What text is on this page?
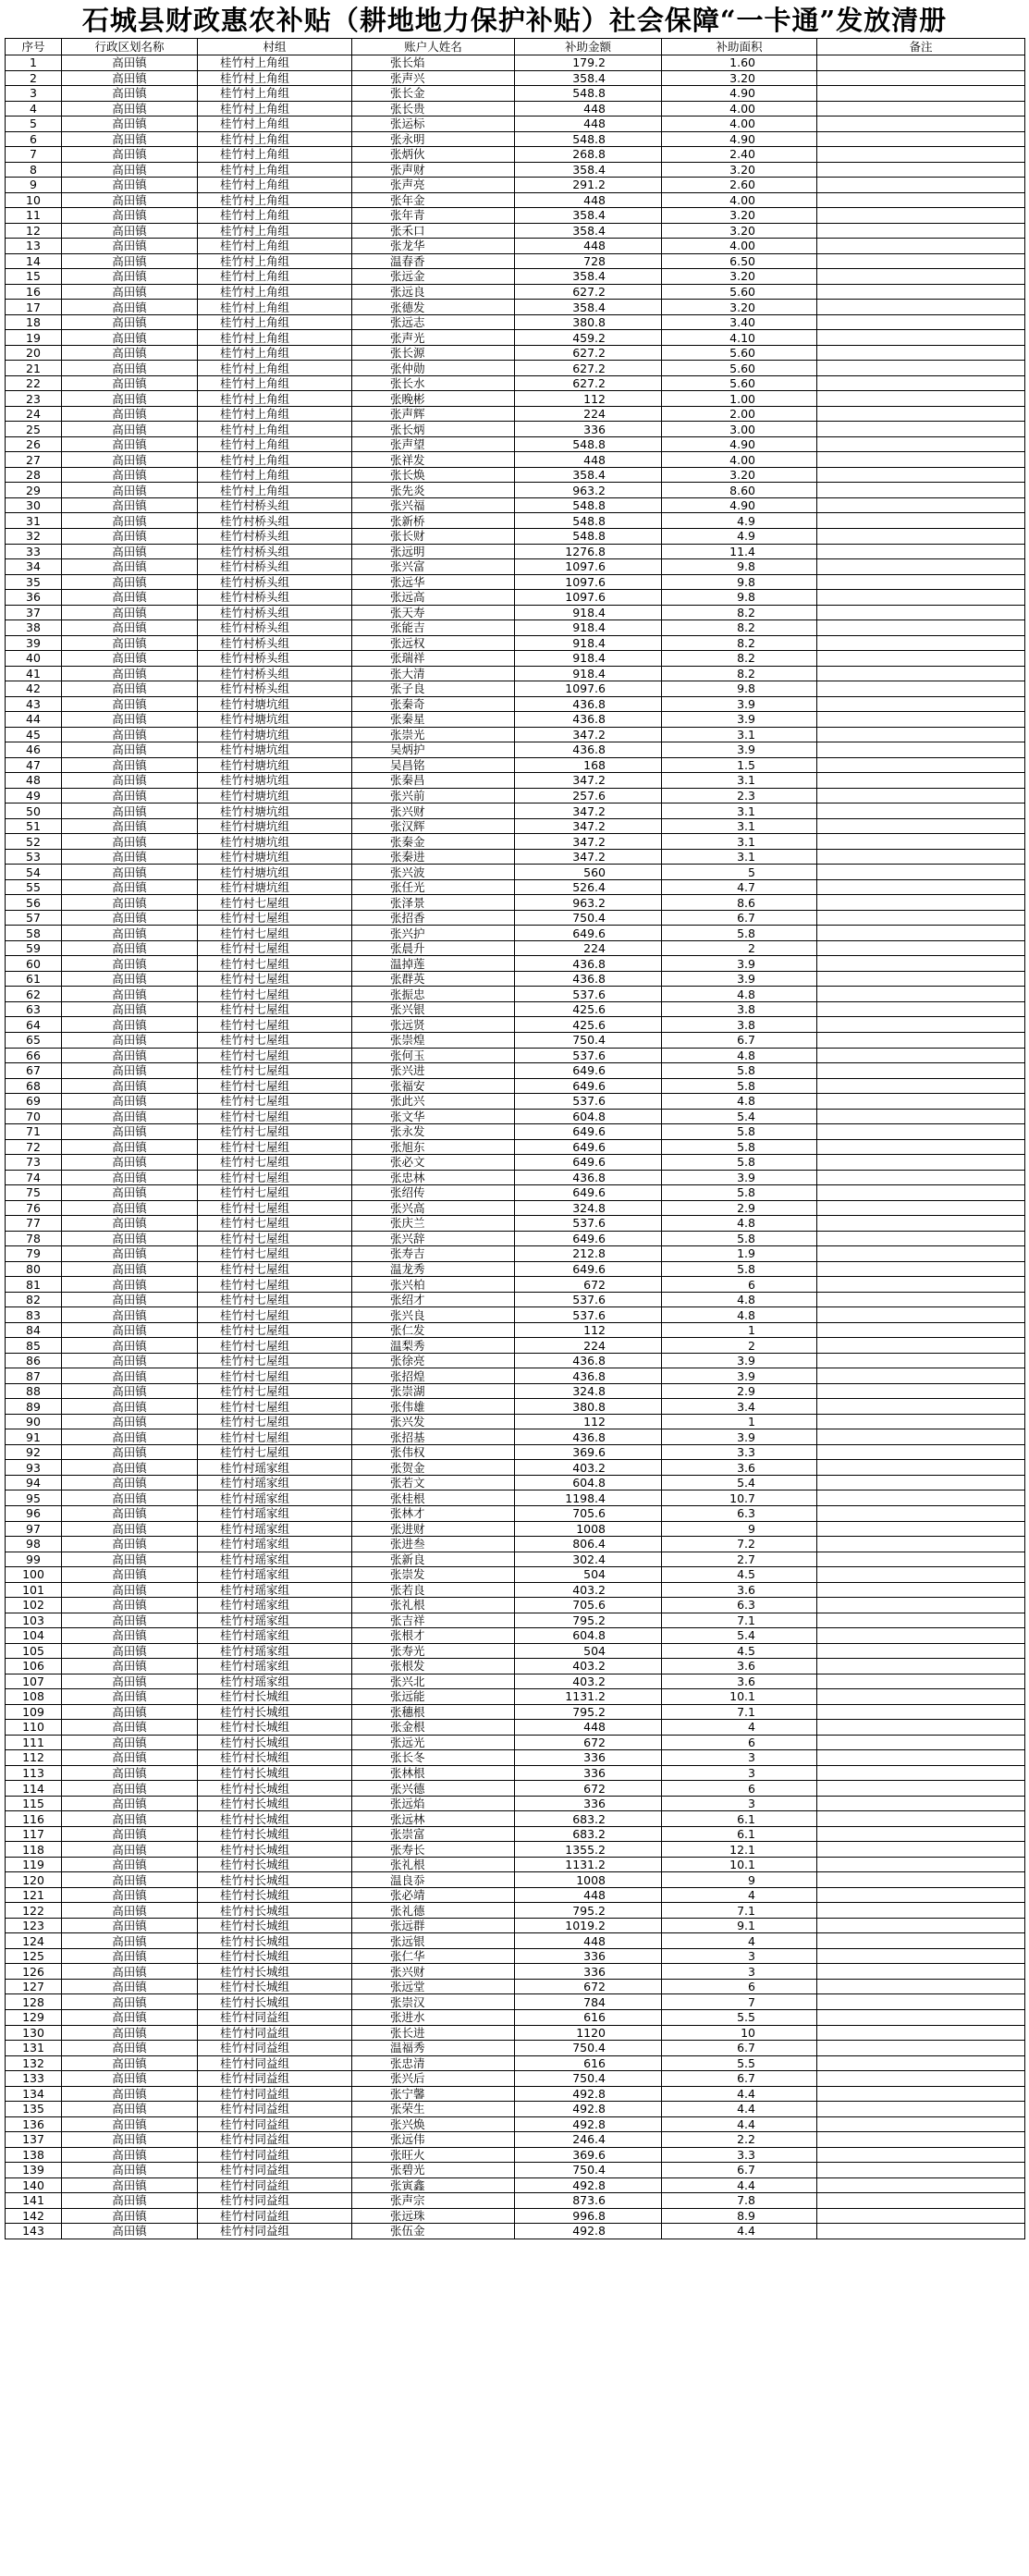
石城县财政惠农补贴（耕地地力保护补贴）社会保障“一卡通”发放清册
序号	行政区划名称	村组	账户人姓名	补助金额	补助面积	备注
1	高田镇	桂竹村上角组	张长焰	179.2	1.60	
2	高田镇	桂竹村上角组	张声兴	358.4	3.20	
3	高田镇	桂竹村上角组	张长金	548.8	4.90	
4	高田镇	桂竹村上角组	张长贵	448	4.00	
5	高田镇	桂竹村上角组	张运标	448	4.00	
6	高田镇	桂竹村上角组	张永明	548.8	4.90	
7	高田镇	桂竹村上角组	张炳伙	268.8	2.40	
8	高田镇	桂竹村上角组	张声财	358.4	3.20	
9	高田镇	桂竹村上角组	张声亮	291.2	2.60	
10	高田镇	桂竹村上角组	张年金	448	4.00	
11	高田镇	桂竹村上角组	张年青	358.4	3.20	
12	高田镇	桂竹村上角组	张禾口	358.4	3.20	
13	高田镇	桂竹村上角组	张龙华	448	4.00	
14	高田镇	桂竹村上角组	温春香	728	6.50	
15	高田镇	桂竹村上角组	张远金	358.4	3.20	
16	高田镇	桂竹村上角组	张远良	627.2	5.60	
17	高田镇	桂竹村上角组	张德发	358.4	3.20	
18	高田镇	桂竹村上角组	张远志	380.8	3.40	
19	高田镇	桂竹村上角组	张声光	459.2	4.10	
20	高田镇	桂竹村上角组	张长源	627.2	5.60	
21	高田镇	桂竹村上角组	张仲勋	627.2	5.60	
22	高田镇	桂竹村上角组	张长水	627.2	5.60	
23	高田镇	桂竹村上角组	张晚彬	112	1.00	
24	高田镇	桂竹村上角组	张声辉	224	2.00	
25	高田镇	桂竹村上角组	张长炳	336	3.00	
26	高田镇	桂竹村上角组	张声望	548.8	4.90	
27	高田镇	桂竹村上角组	张祥发	448	4.00	
28	高田镇	桂竹村上角组	张长焕	358.4	3.20	
29	高田镇	桂竹村上角组	张先炎	963.2	8.60	
30	高田镇	桂竹村桥头组	张兴福	548.8	4.90	
31	高田镇	桂竹村桥头组	张新桥	548.8	4.9	
32	高田镇	桂竹村桥头组	张长财	548.8	4.9	
33	高田镇	桂竹村桥头组	张远明	1276.8	11.4	
34	高田镇	桂竹村桥头组	张兴富	1097.6	9.8	
35	高田镇	桂竹村桥头组	张远华	1097.6	9.8	
36	高田镇	桂竹村桥头组	张远高	1097.6	9.8	
37	高田镇	桂竹村桥头组	张天寿	918.4	8.2	
38	高田镇	桂竹村桥头组	张能吉	918.4	8.2	
39	高田镇	桂竹村桥头组	张远权	918.4	8.2	
40	高田镇	桂竹村桥头组	张瑞祥	918.4	8.2	
41	高田镇	桂竹村桥头组	张大清	918.4	8.2	
42	高田镇	桂竹村桥头组	张子良	1097.6	9.8	
43	高田镇	桂竹村塘坑组	张秦奇	436.8	3.9	
44	高田镇	桂竹村塘坑组	张秦星	436.8	3.9	
45	高田镇	桂竹村塘坑组	张崇光	347.2	3.1	
46	高田镇	桂竹村塘坑组	吴炳护	436.8	3.9	
47	高田镇	桂竹村塘坑组	吴昌铭	168	1.5	
48	高田镇	桂竹村塘坑组	张秦昌	347.2	3.1	
49	高田镇	桂竹村塘坑组	张兴前	257.6	2.3	
50	高田镇	桂竹村塘坑组	张兴财	347.2	3.1	
51	高田镇	桂竹村塘坑组	张汉辉	347.2	3.1	
52	高田镇	桂竹村塘坑组	张秦金	347.2	3.1	
53	高田镇	桂竹村塘坑组	张秦进	347.2	3.1	
54	高田镇	桂竹村塘坑组	张兴波	560	5	
55	高田镇	桂竹村塘坑组	张任光	526.4	4.7	
56	高田镇	桂竹村七屋组	张泽景	963.2	8.6	
57	高田镇	桂竹村七屋组	张招香	750.4	6.7	
58	高田镇	桂竹村七屋组	张兴护	649.6	5.8	
59	高田镇	桂竹村七屋组	张晨升	224	2	
60	高田镇	桂竹村七屋组	温掉莲	436.8	3.9	
61	高田镇	桂竹村七屋组	张群英	436.8	3.9	
62	高田镇	桂竹村七屋组	张振忠	537.6	4.8	
63	高田镇	桂竹村七屋组	张兴银	425.6	3.8	
64	高田镇	桂竹村七屋组	张远贤	425.6	3.8	
65	高田镇	桂竹村七屋组	张崇煌	750.4	6.7	
66	高田镇	桂竹村七屋组	张何玉	537.6	4.8	
67	高田镇	桂竹村七屋组	张兴进	649.6	5.8	
68	高田镇	桂竹村七屋组	张福安	649.6	5.8	
69	高田镇	桂竹村七屋组	张此兴	537.6	4.8	
70	高田镇	桂竹村七屋组	张文华	604.8	5.4	
71	高田镇	桂竹村七屋组	张永发	649.6	5.8	
72	高田镇	桂竹村七屋组	张旭东	649.6	5.8	
73	高田镇	桂竹村七屋组	张必文	649.6	5.8	
74	高田镇	桂竹村七屋组	张忠林	436.8	3.9	
75	高田镇	桂竹村七屋组	张绍传	649.6	5.8	
76	高田镇	桂竹村七屋组	张兴高	324.8	2.9	
77	高田镇	桂竹村七屋组	张庆兰	537.6	4.8	
78	高田镇	桂竹村七屋组	张兴辞	649.6	5.8	
79	高田镇	桂竹村七屋组	张寿吉	212.8	1.9	
80	高田镇	桂竹村七屋组	温龙秀	649.6	5.8	
81	高田镇	桂竹村七屋组	张兴柏	672	6	
82	高田镇	桂竹村七屋组	张绍才	537.6	4.8	
83	高田镇	桂竹村七屋组	张兴良	537.6	4.8	
84	高田镇	桂竹村七屋组	张仁发	112	1	
85	高田镇	桂竹村七屋组	温梨秀	224	2	
86	高田镇	桂竹村七屋组	张徐亮	436.8	3.9	
87	高田镇	桂竹村七屋组	张招煌	436.8	3.9	
88	高田镇	桂竹村七屋组	张崇湖	324.8	2.9	
89	高田镇	桂竹村七屋组	张伟雄	380.8	3.4	
90	高田镇	桂竹村七屋组	张兴发	112	1	
91	高田镇	桂竹村七屋组	张招基	436.8	3.9	
92	高田镇	桂竹村七屋组	张伟权	369.6	3.3	
93	高田镇	桂竹村瑶家组	张贺金	403.2	3.6	
94	高田镇	桂竹村瑶家组	张若文	604.8	5.4	
95	高田镇	桂竹村瑶家组	张桂根	1198.4	10.7	
96	高田镇	桂竹村瑶家组	张林才	705.6	6.3	
97	高田镇	桂竹村瑶家组	张进财	1008	9	
98	高田镇	桂竹村瑶家组	张进叁	806.4	7.2	
99	高田镇	桂竹村瑶家组	张新良	302.4	2.7	
100	高田镇	桂竹村瑶家组	张崇发	504	4.5	
101	高田镇	桂竹村瑶家组	张若良	403.2	3.6	
102	高田镇	桂竹村瑶家组	张礼根	705.6	6.3	
103	高田镇	桂竹村瑶家组	张吉祥	795.2	7.1	
104	高田镇	桂竹村瑶家组	张根才	604.8	5.4	
105	高田镇	桂竹村瑶家组	张寿光	504	4.5	
106	高田镇	桂竹村瑶家组	张根发	403.2	3.6	
107	高田镇	桂竹村瑶家组	张兴北	403.2	3.6	
108	高田镇	桂竹村长城组	张远能	1131.2	10.1	
109	高田镇	桂竹村长城组	张穗根	795.2	7.1	
110	高田镇	桂竹村长城组	张金根	448	4	
111	高田镇	桂竹村长城组	张远光	672	6	
112	高田镇	桂竹村长城组	张长冬	336	3	
113	高田镇	桂竹村长城组	张林根	336	3	
114	高田镇	桂竹村长城组	张兴德	672	6	
115	高田镇	桂竹村长城组	张远焰	336	3	
116	高田镇	桂竹村长城组	张远林	683.2	6.1	
117	高田镇	桂竹村长城组	张崇富	683.2	6.1	
118	高田镇	桂竹村长城组	张寿长	1355.2	12.1	
119	高田镇	桂竹村长城组	张礼根	1131.2	10.1	
120	高田镇	桂竹村长城组	温良忝	1008	9	
121	高田镇	桂竹村长城组	张必靖	448	4	
122	高田镇	桂竹村长城组	张礼德	795.2	7.1	
123	高田镇	桂竹村长城组	张远群	1019.2	9.1	
124	高田镇	桂竹村长城组	张远银	448	4	
125	高田镇	桂竹村长城组	张仁华	336	3	
126	高田镇	桂竹村长城组	张兴财	336	3	
127	高田镇	桂竹村长城组	张远堂	672	6	
128	高田镇	桂竹村长城组	张崇汉	784	7	
129	高田镇	桂竹村同益组	张进水	616	5.5	
130	高田镇	桂竹村同益组	张长进	1120	10	
131	高田镇	桂竹村同益组	温福秀	750.4	6.7	
132	高田镇	桂竹村同益组	张忠清	616	5.5	
133	高田镇	桂竹村同益组	张兴后	750.4	6.7	
134	高田镇	桂竹村同益组	张宁馨	492.8	4.4	
135	高田镇	桂竹村同益组	张荣生	492.8	4.4	
136	高田镇	桂竹村同益组	张兴焕	492.8	4.4	
137	高田镇	桂竹村同益组	张远伟	246.4	2.2	
138	高田镇	桂竹村同益组	张旺火	369.6	3.3	
139	高田镇	桂竹村同益组	张碧光	750.4	6.7	
140	高田镇	桂竹村同益组	张寅鑫	492.8	4.4	
141	高田镇	桂竹村同益组	张声宗	873.6	7.8	
142	高田镇	桂竹村同益组	张远珠	996.8	8.9	
143	高田镇	桂竹村同益组	张伍金	492.8	4.4	
